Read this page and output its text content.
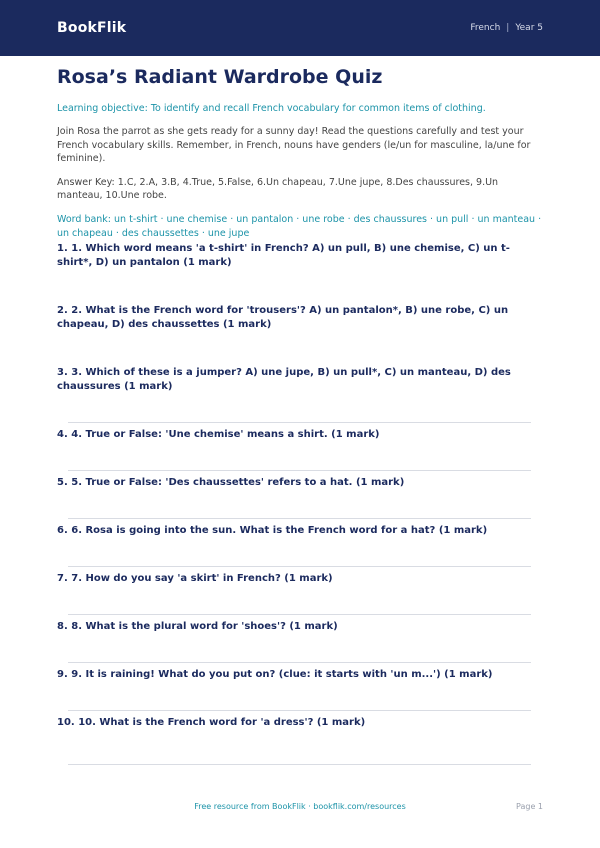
BookFlik	French | Year 5
Rosa’s Radiant Wardrobe Quiz

Learning objective: To identify and recall French vocabulary for common items of clothing.

Join Rosa the parrot as she gets ready for a sunny day! Read the questions carefully and test your French vocabulary skills. Remember, in French, nouns have genders (le/un for masculine, la/une for feminine).

Answer Key: 1.C, 2.A, 3.B, 4.True, 5.False, 6.Un chapeau, 7.Une jupe, 8.Des chaussures, 9.Un manteau, 10.Une robe.

Word bank: un t-shirt · une chemise · un pantalon · une robe · des chaussures · un pull · un manteau · un chapeau · des chaussettes · une jupe

1. 1. Which word means 'a t-shirt' in French? A) un pull, B) une chemise, C) un t-shirt*, D) un pantalon (1 mark)
2. 2. What is the French word for 'trousers'? A) un pantalon*, B) une robe, C) un chapeau, D) des chaussettes (1 mark)
3. 3. Which of these is a jumper? A) une jupe, B) un pull*, C) un manteau, D) des chaussures (1 mark)
4. 4. True or False: 'Une chemise' means a shirt. (1 mark)
5. 5. True or False: 'Des chaussettes' refers to a hat. (1 mark)
6. 6. Rosa is going into the sun. What is the French word for a hat? (1 mark)
7. 7. How do you say 'a skirt' in French? (1 mark)
8. 8. What is the plural word for 'shoes'? (1 mark)
9. 9. It is raining! What do you put on? (clue: it starts with 'un m...') (1 mark)
10. 10. What is the French word for 'a dress'? (1 mark)
Free resource from BookFlik · bookflik.com/resources	Page 1
